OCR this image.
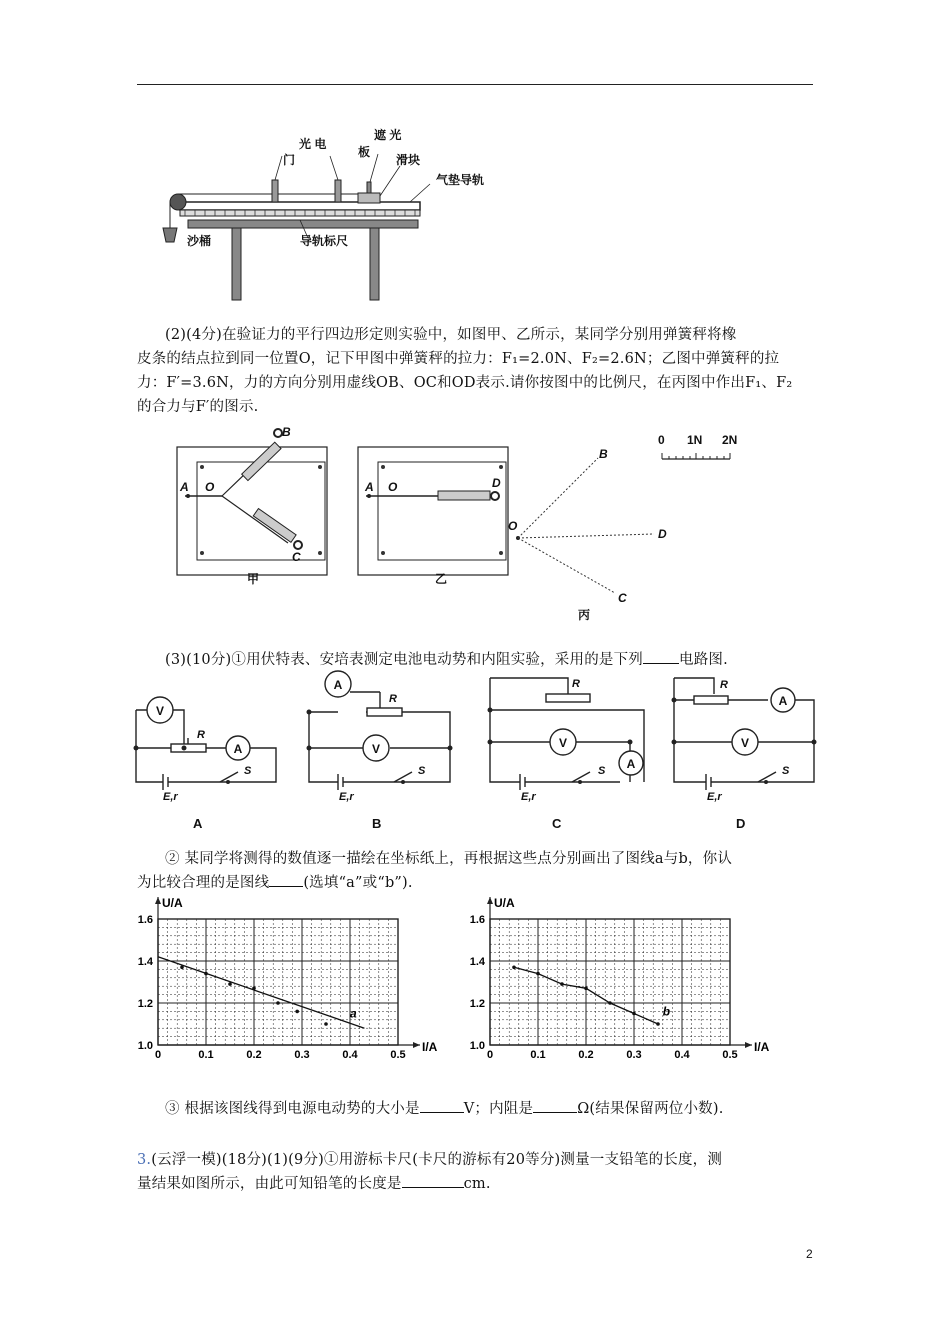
光 电
门
遮 光
板
滑块
气垫导轨
沙桶	导轨标尺
(2)(4分)在验证力的平行四边形定则实验中，如图甲、乙所示，某同学分别用弹簧秤将橡
皮条的结点拉到同一位置O，记下甲图中弹簧秤的拉力：F₁=2.0N、F₂=2.6N；乙图中弹簧秤的拉
力：F′=3.6N，力的方向分别用虚线OB、OC和OD表示.请你按图中的比例尺，在丙图中作出F₁、F₂
的合力与F′的图示.
B
A O
C
A O	D
B
O
D
C
0 1N 2N
甲	乙
丙
(3)(10分)①用伏特表、安培表测定电池电动势和内阻实验，采用的是下列 电路图.
V
A
A
V	V
A
V
A
R
S
E,r
R
S
E,r
R
S
E,r
R
S
E,r
A	B	C	D
② 某同学将测得的数值逐一描绘在坐标纸上，再根据这些点分别画出了图线a与b，你认
为比较合理的是图线 (选填“a”或“b”).
0	0.1	0.2	0.3	0.4	0.5
1.0
1.2
1.4
1.6
I/A
U/A
a
0	0.1	0.2	0.3	0.4	0.5
1.0
1.2
1.4
1.6
I/A
U/A
b
③ 根据该图线得到电源电动势的大小是	V；内阻是	Ω(结果保留两位小数).
3.(云浮一模)(18分)(1)(9分)①用游标卡尺(卡尺的游标有20等分)测量一支铅笔的长度，测
量结果如图所示，由此可知铅笔的长度是	cm.
2
